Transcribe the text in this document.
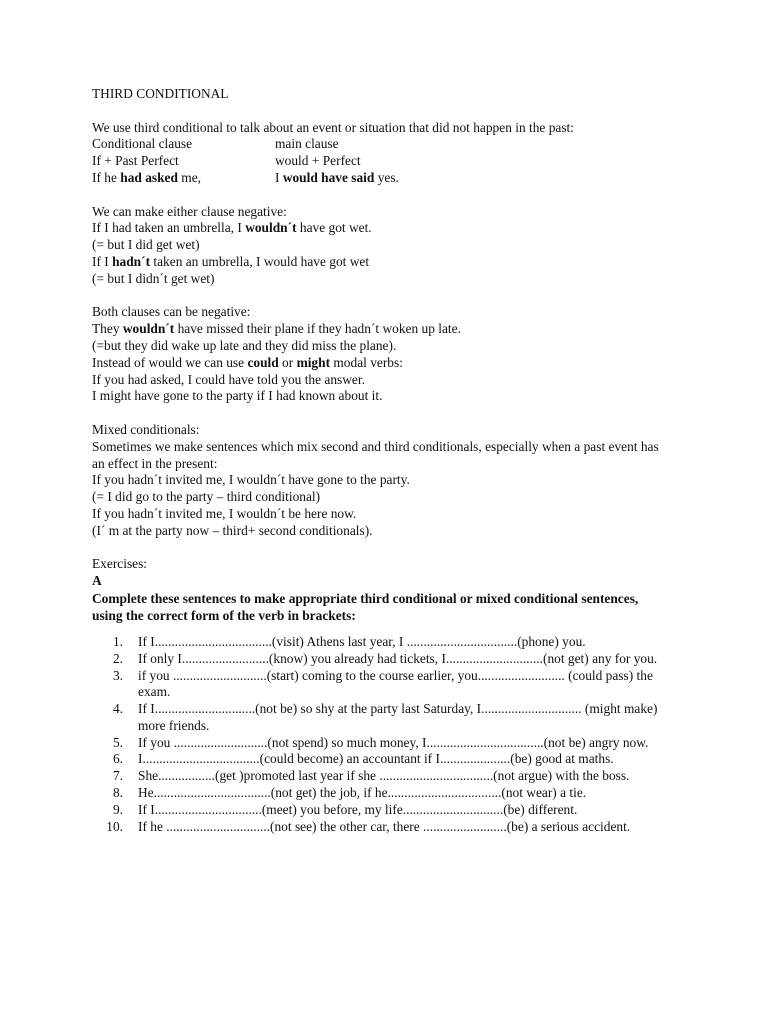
THIRD CONDITIONAL
We use third conditional to talk about an event or situation that did not happen in the past:
Conditional clause	main clause
If + Past Perfect	would + Perfect
If he had asked me,	I would have said yes.
We can make either clause negative:
If I had taken an umbrella, I wouldn´t have got wet.
(= but I did get wet)
If I hadn´t taken an umbrella, I would have got wet
(= but I didn´t get wet)
Both clauses can be negative:
They wouldn´t have missed their plane if they hadn´t woken up late.
(=but they did wake up late and they did miss the plane).
Instead of would we can use could or might modal verbs:
If you had asked, I could have told you the answer.
I might have gone to the party if I had known about it.
Mixed conditionals:
Sometimes we make sentences which mix second and third conditionals, especially when a past event has an effect in the present:
If you hadn´t invited me, I wouldn´t have gone to the party.
(= I did go to the party – third conditional)
If you hadn´t invited me, I wouldn´t be here now.
(I´ m at the party now – third+ second conditionals).
Exercises:
A
Complete these sentences to make appropriate third conditional or mixed conditional sentences, using the correct form of the verb in brackets:
1. If I...................................(visit) Athens last year, I .................................(phone) you.
2. If only I..........................(know) you already had tickets, I.............................(not get) any for you.
3. if you ............................(start) coming to the course earlier, you.......................... (could pass) the exam.
4. If I..............................(not be) so shy at the party last Saturday, I.............................. (might make) more friends.
5. If you ............................(not spend) so much money, I...................................(not be) angry now.
6. I...................................(could become) an accountant if I.....................(be) good at maths.
7. She.................(get )promoted last year if she ..................................(not argue) with the boss.
8. He...................................(not get) the job, if he..................................(not wear) a tie.
9. If I................................(meet) you before, my life..............................(be) different.
10. If he ...............................(not see) the other car, there .........................(be) a serious accident.
